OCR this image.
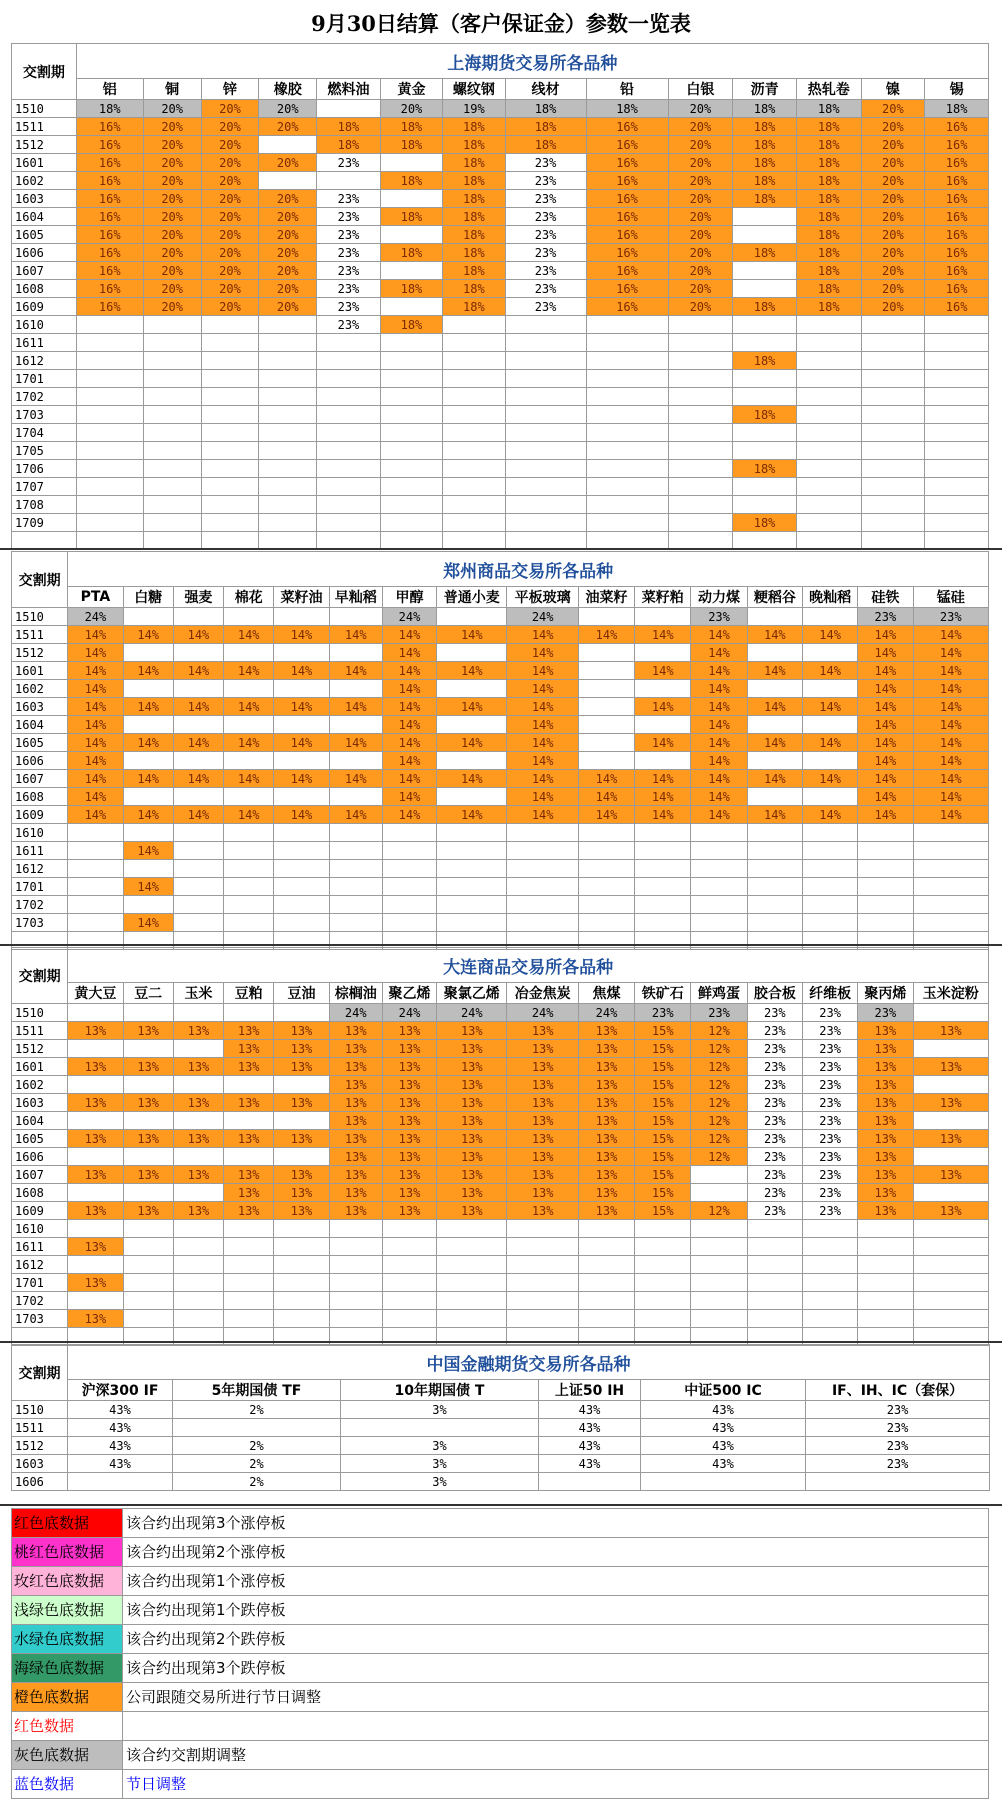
9月30日结算（客户保证金）参数一览表
交割期	上海期货交易所各品种													
	铝	铜	锌	橡胶	燃料油	黄金	螺纹钢	线材	铅	白银	沥青	热轧卷	镍	锡
1510	18%	20%	20%	20%		20%	19%	18%	18%	20%	18%	18%	20%	18%
1511	16%	20%	20%	20%	18%	18%	18%	18%	16%	20%	18%	18%	20%	16%
1512	16%	20%	20%		18%	18%	18%	18%	16%	20%	18%	18%	20%	16%
1601	16%	20%	20%	20%	23%		18%	23%	16%	20%	18%	18%	20%	16%
1602	16%	20%	20%			18%	18%	23%	16%	20%	18%	18%	20%	16%
1603	16%	20%	20%	20%	23%		18%	23%	16%	20%	18%	18%	20%	16%
1604	16%	20%	20%	20%	23%	18%	18%	23%	16%	20%		18%	20%	16%
1605	16%	20%	20%	20%	23%		18%	23%	16%	20%		18%	20%	16%
1606	16%	20%	20%	20%	23%	18%	18%	23%	16%	20%	18%	18%	20%	16%
1607	16%	20%	20%	20%	23%		18%	23%	16%	20%		18%	20%	16%
1608	16%	20%	20%	20%	23%	18%	18%	23%	16%	20%		18%	20%	16%
1609	16%	20%	20%	20%	23%		18%	23%	16%	20%	18%	18%	20%	16%
1610					23%	18%								
1611														
1612											18%			
1701														
1702														
1703											18%			
1704														
1705														
1706											18%			
1707														
1708														
1709											18%			

交割期	郑州商品交易所各品种															
	PTA	白糖	强麦	棉花	菜籽油	早籼稻	甲醇	普通小麦	平板玻璃	油菜籽	菜籽粕	动力煤	粳稻谷	晚籼稻	硅铁	锰硅
1510	24%						24%		24%			23%			23%	23%
1511	14%	14%	14%	14%	14%	14%	14%	14%	14%	14%	14%	14%	14%	14%	14%	14%
1512	14%						14%		14%			14%			14%	14%
1601	14%	14%	14%	14%	14%	14%	14%	14%	14%		14%	14%	14%	14%	14%	14%
1602	14%						14%		14%			14%			14%	14%
1603	14%	14%	14%	14%	14%	14%	14%	14%	14%		14%	14%	14%	14%	14%	14%
1604	14%						14%		14%			14%			14%	14%
1605	14%	14%	14%	14%	14%	14%	14%	14%	14%		14%	14%	14%	14%	14%	14%
1606	14%						14%		14%			14%			14%	14%
1607	14%	14%	14%	14%	14%	14%	14%	14%	14%	14%	14%	14%	14%	14%	14%	14%
1608	14%						14%		14%	14%	14%	14%			14%	14%
1609	14%	14%	14%	14%	14%	14%	14%	14%	14%	14%	14%	14%	14%	14%	14%	14%
1610																
1611		14%														
1612																
1701		14%														
1702																
1703		14%														

交割期	大连商品交易所各品种															
	黄大豆	豆二	玉米	豆粕	豆油	棕榈油	聚乙烯	聚氯乙烯	冶金焦炭	焦煤	铁矿石	鲜鸡蛋	胶合板	纤维板	聚丙烯	玉米淀粉
1510						24%	24%	24%	24%	24%	23%	23%	23%	23%	23%	
1511	13%	13%	13%	13%	13%	13%	13%	13%	13%	13%	15%	12%	23%	23%	13%	13%
1512				13%	13%	13%	13%	13%	13%	13%	15%	12%	23%	23%	13%	
1601	13%	13%	13%	13%	13%	13%	13%	13%	13%	13%	15%	12%	23%	23%	13%	13%
1602						13%	13%	13%	13%	13%	15%	12%	23%	23%	13%	
1603	13%	13%	13%	13%	13%	13%	13%	13%	13%	13%	15%	12%	23%	23%	13%	13%
1604						13%	13%	13%	13%	13%	15%	12%	23%	23%	13%	
1605	13%	13%	13%	13%	13%	13%	13%	13%	13%	13%	15%	12%	23%	23%	13%	13%
1606						13%	13%	13%	13%	13%	15%	12%	23%	23%	13%	
1607	13%	13%	13%	13%	13%	13%	13%	13%	13%	13%	15%		23%	23%	13%	13%
1608				13%	13%	13%	13%	13%	13%	13%	15%		23%	23%	13%	
1609	13%	13%	13%	13%	13%	13%	13%	13%	13%	13%	15%	12%	23%	23%	13%	13%
1610																
1611	13%															
1612																
1701	13%															
1702																
1703	13%															

交割期	中国金融期货交易所各品种					
	沪深300 IF	5年期国债 TF	10年期国债 T	上证50 IH	中证500 IC	IF、IH、IC（套保）
1510	43%	2%	3%	43%	43%	23%
1511	43%			43%	43%	23%
1512	43%	2%	3%	43%	43%	23%
1603	43%	2%	3%	43%	43%	23%
1606		2%	3%			
红色底数据	该合约出现第3个涨停板
桃红色底数据	该合约出现第2个涨停板
玫红色底数据	该合约出现第1个涨停板
浅绿色底数据	该合约出现第1个跌停板
水绿色底数据	该合约出现第2个跌停板
海绿色底数据	该合约出现第3个跌停板
橙色底数据	公司跟随交易所进行节日调整
红色数据
灰色底数据	该合约交割期调整
蓝色数据	节日调整
